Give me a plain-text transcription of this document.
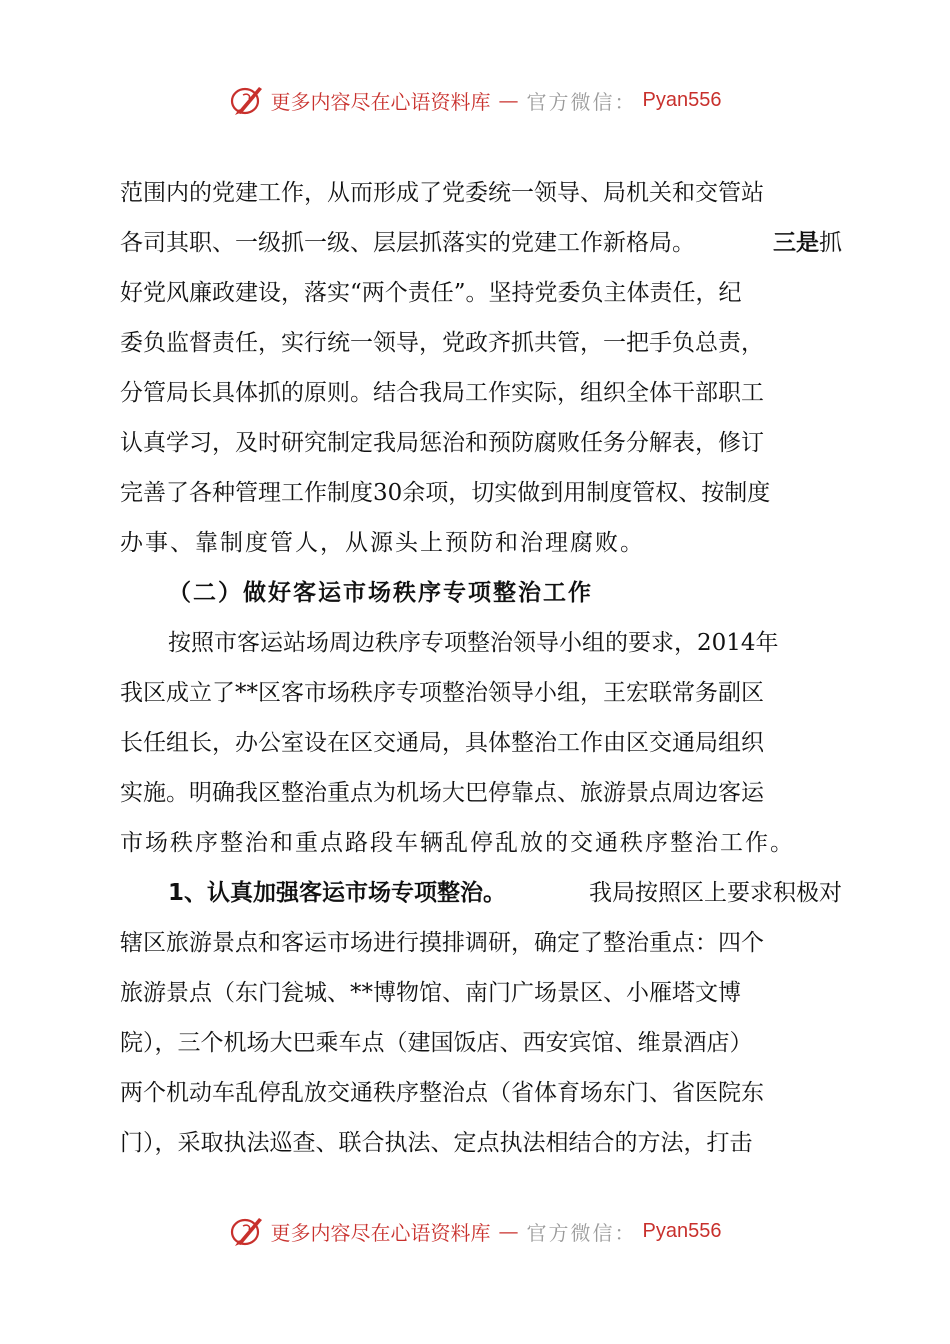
更多内容尽在心语资料库 — 官方微信： Pyan556
范围内的党建工作，从而形成了党委统一领导、局机关和交管站
各司其职、一级抓一级、层层抓落实的党建工作新格局。	三是抓
好党风廉政建设，落实“两个责任”。坚持党委负主体责任，纪
委负监督责任，实行统一领导，党政齐抓共管，一把手负总责，
分管局长具体抓的原则。结合我局工作实际，组织全体干部职工
认真学习，及时研究制定我局惩治和预防腐败任务分解表，修订
完善了各种管理工作制度30余项，切实做到用制度管权、按制度
办事、靠制度管人，从源头上预防和治理腐败。
（二）做好客运市场秩序专项整治工作
按照市客运站场周边秩序专项整治领导小组的要求，2014年
我区成立了**区客市场秩序专项整治领导小组，王宏联常务副区
长任组长，办公室设在区交通局，具体整治工作由区交通局组织
实施。明确我区整治重点为机场大巴停靠点、旅游景点周边客运
市场秩序整治和重点路段车辆乱停乱放的交通秩序整治工作。
1、认真加强客运市场专项整治。	我局按照区上要求积极对
辖区旅游景点和客运市场进行摸排调研，确定了整治重点：四个
旅游景点（东门瓮城、**博物馆、南门广场景区、小雁塔文博
院），三个机场大巴乘车点（建国饭店、西安宾馆、维景酒店）
两个机动车乱停乱放交通秩序整治点（省体育场东门、省医院东
门），采取执法巡查、联合执法、定点执法相结合的方法，打击
更多内容尽在心语资料库 — 官方微信： Pyan556
